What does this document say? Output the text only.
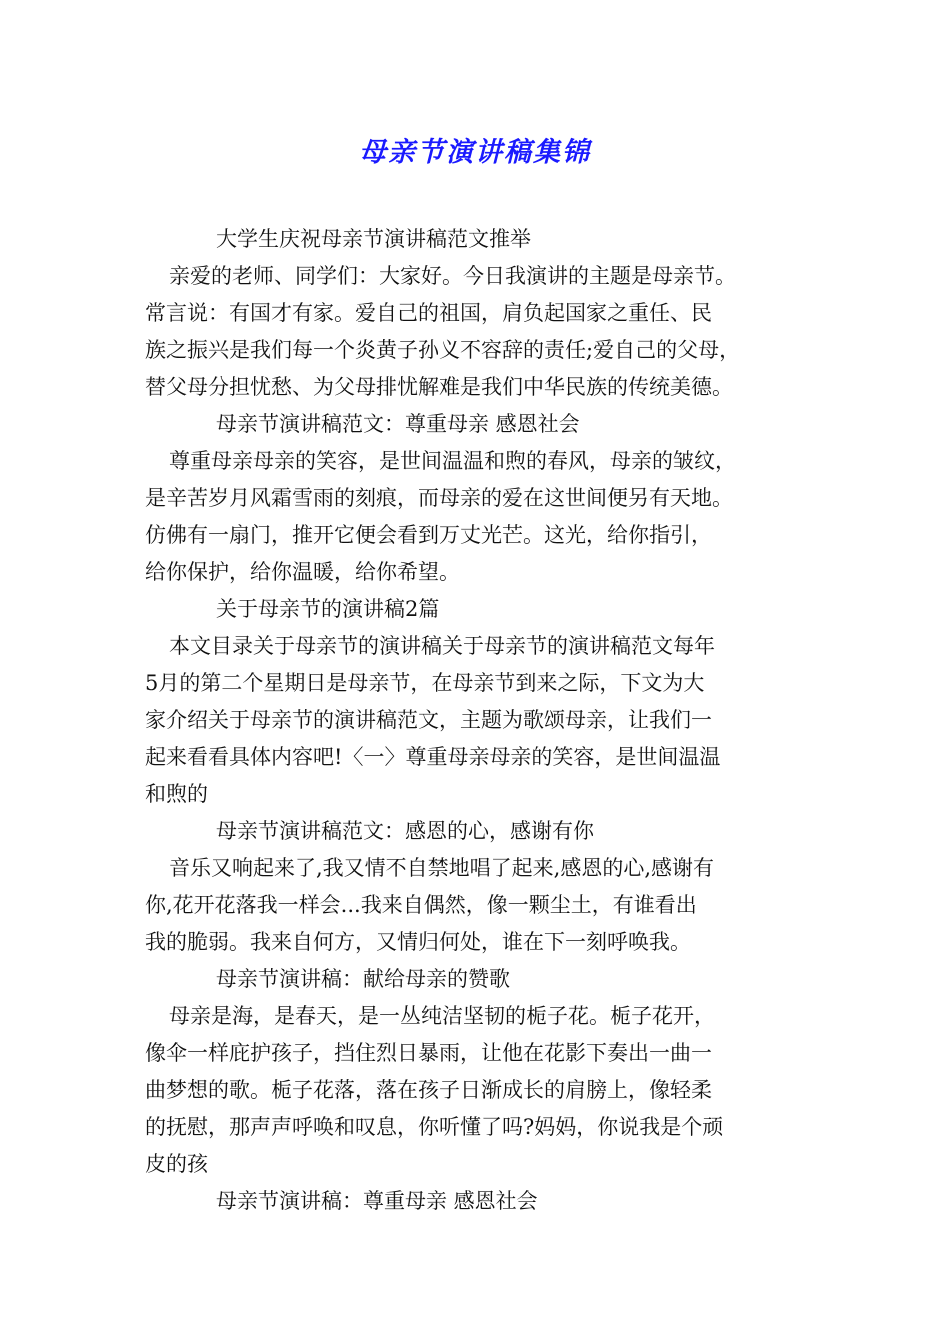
母亲节演讲稿集锦
大学生庆祝母亲节演讲稿范文推举
亲爱的老师、同学们：大家好。今日我演讲的主题是母亲节。
常言说：有国才有家。爱自己的祖国，肩负起国家之重任、民
族之振兴是我们每一个炎黄子孙义不容辞的责任;爱自己的父母，
替父母分担忧愁、为父母排忧解难是我们中华民族的传统美德。
母亲节演讲稿范文：尊重母亲 感恩社会
尊重母亲母亲的笑容，是世间温温和煦的春风，母亲的皱纹，
是辛苦岁月风霜雪雨的刻痕，而母亲的爱在这世间便另有天地。
仿佛有一扇门，推开它便会看到万丈光芒。这光，给你指引，
给你保护，给你温暖，给你希望。
关于母亲节的演讲稿2篇
本文目录关于母亲节的演讲稿关于母亲节的演讲稿范文每年
5月的第二个星期日是母亲节，在母亲节到来之际，下文为大
家介绍关于母亲节的演讲稿范文，主题为歌颂母亲，让我们一
起来看看具体内容吧!〈一〉尊重母亲母亲的笑容，是世间温温
和煦的
母亲节演讲稿范文：感恩的心，感谢有你
音乐又响起来了,我又情不自禁地唱了起来,感恩的心,感谢有
你,花开花落我一样会...我来自偶然，像一颗尘土，有谁看出
我的脆弱。我来自何方，又情归何处，谁在下一刻呼唤我。
母亲节演讲稿：献给母亲的赞歌
母亲是海，是春天，是一丛纯洁坚韧的栀子花。栀子花开，
像伞一样庇护孩子，挡住烈日暴雨，让他在花影下奏出一曲一
曲梦想的歌。栀子花落，落在孩子日渐成长的肩膀上，像轻柔
的抚慰，那声声呼唤和叹息，你听懂了吗?妈妈，你说我是个顽
皮的孩
母亲节演讲稿：尊重母亲 感恩社会
